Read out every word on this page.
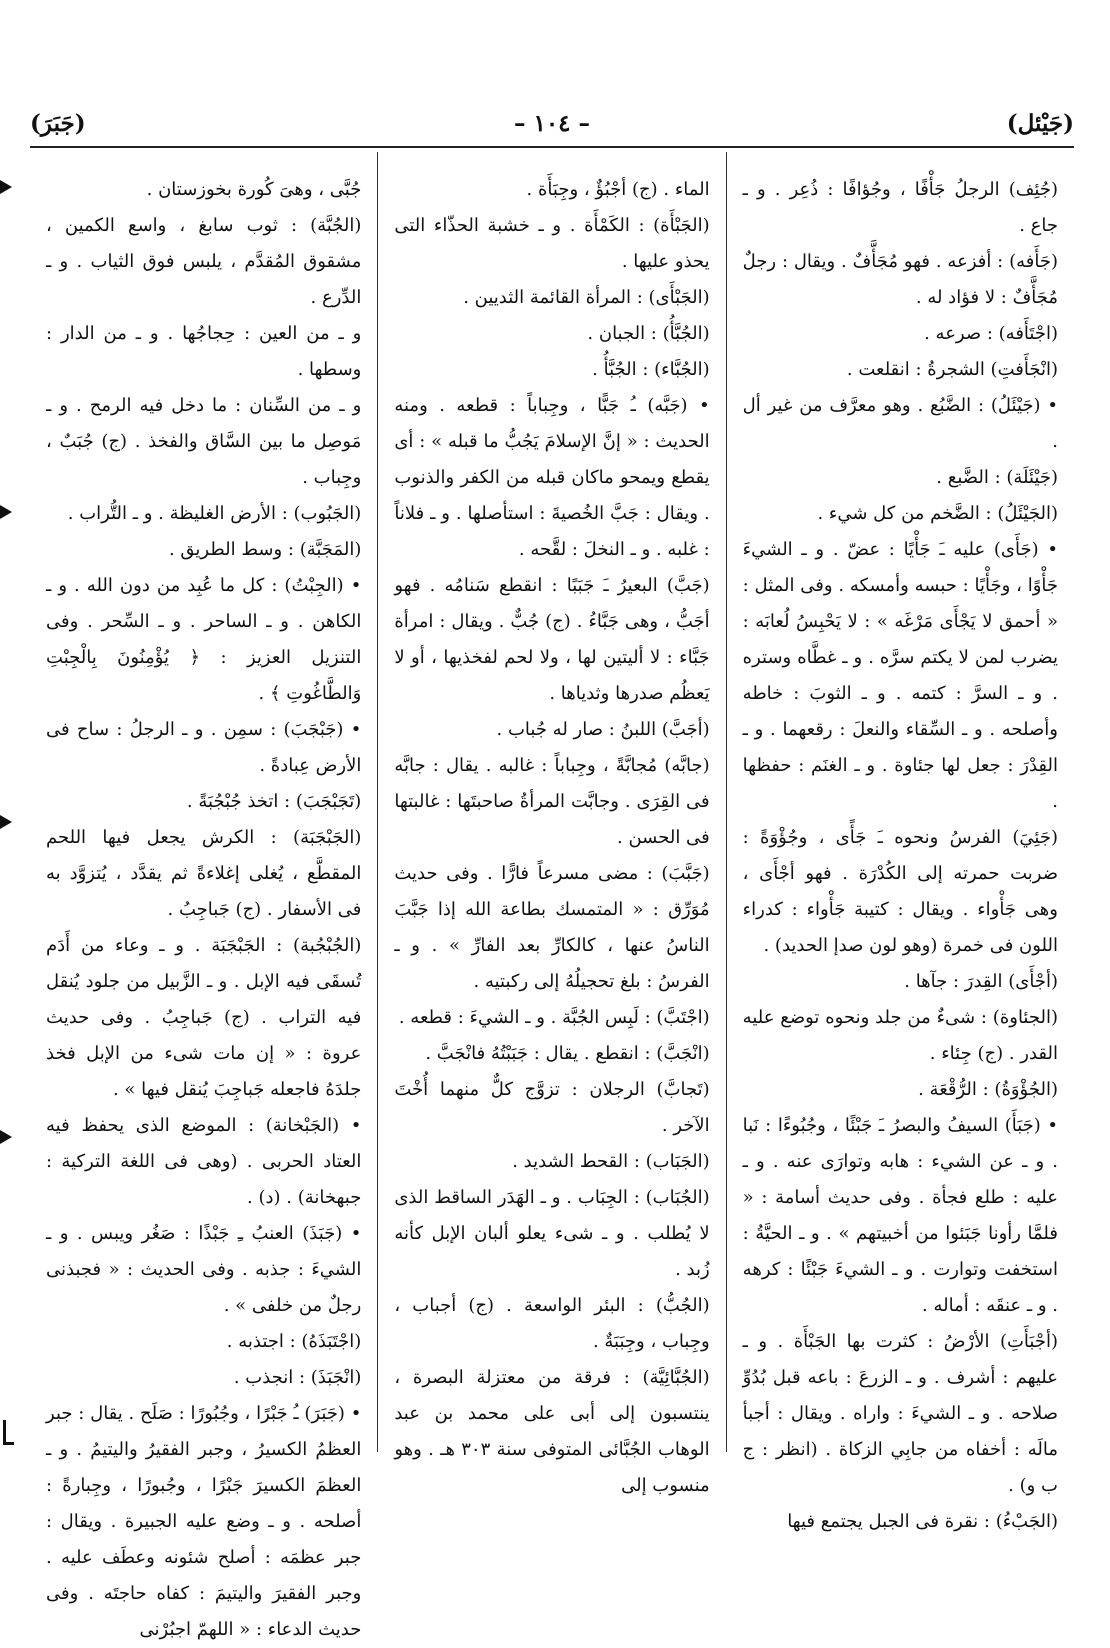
(جَيْئل)
– ١٠٤ –
(جَبَرَ)

(جُئِف) الرجلُ جَأْفًا ، وجُؤافًا : ذُعِر . و ـ جاع .
(جَأَفه) : أفزعه . فهو مُجَأَّفٌ . ويقال : رجلٌ مُجَأَّفٌ : لا فؤاد له .
(اجْتَأَفه) : صرعه .
(انْجَأَفتِ) الشجرةُ : انقلعت .
• (جَيْئَلُ) : الضَّبُع . وهو معرَّف من غير أل .
(جَيْئَلَة) : الضَّبع .
(الجَيْئَلُ) : الضَّخم من كل شيء .
• (جَأَى) عليه ـَ جَأْيًا : عضّ . و ـ الشيءَ جَأْوًا ، وجَأْيًا : حبسه وأمسكه . وفى المثل : « أحمق لا يَجْأَى مَرْغَه » : لا يَحْبِسُ لُعابَه : يضرب لمن لا يكتم سرَّه . و ـ غطَّاه وستره . و ـ السرَّ : كتمه . و ـ الثوبَ : خاطه وأصلحه . و ـ السِّقاء والنعلَ : رقعهما . و ـ القِدْرَ : جعل لها جئاوة . و ـ الغنَم : حفظها .
(جَئِيَ) الفرسُ ونحوه ـَ جَأًى ، وجُؤْوَةً : ضربت حمرته إلى الكُدْرَة . فهو أجْأَى ، وهى جَأْواء . ويقال : كتيبة جَأْواء : كدراء اللون فى خمرة (وهو لون صدإ الحديد) .
(أجْأَى) القِدرَ : جآها .
(الجئاوة) : شىءٌ من جلد ونحوه توضع عليه القدر . (ج) جِئاء .
(الجُؤْوَةُ) : الرُّقْعَة .
• (جَبَأَ) السيفُ والبصرُ ـَ جَبْئًا ، وجُبُوءًا : نَبا . و ـ عن الشيء : هابه وتوارَى عنه . و ـ عليه : طلع فجأة . وفى حديث أسامة : « فلمَّا رأونا جَبَئوا من أخبيتهم » . و ـ الحيَّةُ : استخفت وتوارت . و ـ الشيءَ جَبْئًا : كرهه . و ـ عنقَه : أماله .
(أجْبَأَتِ) الأرْضُ : كثرت بها الجَبْأَة . و ـ عليهم : أشرف . و ـ الزرعَ : باعه قبل بُدُوِّ صلاحه . و ـ الشيءَ : واراه . ويقال : أجبأ مالَه : أخفاه من جابِي الزكاة . (انظر : ج ب و) .
(الجَبْءُ) : نقرة فى الجبل يجتمع فيها

الماء . (ج) أجْبُؤٌ ، وجِبَأَة .
(الجَبْأَة) : الكَمْأَة . و ـ خشبة الحذّاء التى يحذو عليها .
(الجَبْأَى) : المرأة القائمة الثديين .
(الجُبَّأُ) : الجبان .
(الجُبَّاء) : الجُبَّأُ .
• (جَبَّه) ـُ جَبًّا ، وجِباباً : قطعه . ومنه الحديث : « إنَّ الإسلامَ يَجُبُّ ما قبله » : أى يقطع ويمحو ماكان قبله من الكفر والذنوب . ويقال : جَبَّ الخُصيةَ : استأصلها . و ـ فلاناً : غلبه . و ـ النخلَ : لقَّحه .
(جَبَّ) البعيرُ ـَ جَبَبًا : انقطع سَنامُه . فهو أجَبُّ ، وهى جَبَّاءُ . (ج) جُبٌّ . ويقال : امرأة جَبَّاء : لا أليتين لها ، ولا لحم لفخذيها ، أو لا يَعظُم صدرها وثدياها .
(أجَبَّ) اللبنُ : صار له جُباب .
(جابَّه) مُجابَّةً ، وجِباباً : غالبه . يقال : جابَّه فى القِرَى . وجابَّت المرأةُ صاحبتَها : غالبتها فى الحسن .
(جَبَّبَ) : مضى مسرعاً فارًّا . وفى حديث مُوَرِّق : « المتمسك بطاعة الله إذا جَبَّبَ الناسُ عنها ، كالكارِّ بعد الفارِّ » . و ـ الفرسُ : بلغ تحجيلُهُ إلى ركبتيه .
(اجْتَبَّ) : لَبِس الجُبَّة . و ـ الشيءَ : قطعه .
(انْجَبَّ) : انقطع . يقال : جَبَبْتُهُ فانْجَبَّ .
(تَجابَّ) الرجلان : تزوَّج كلٌّ منهما أُخْتَ الآخر .
(الجَبَاب) : القحط الشديد .
(الجُبَاب) : الجِبَاب . و ـ الهَدَر الساقط الذى لا يُطلب . و ـ شىء يعلو ألبان الإبل كأنه زُبد .
(الجُبُّ) : البئر الواسعة . (ج) أجباب ، وجِباب ، وجِبَبَةٌ .
(الجُبَّائِيَّة) : فرقة من معتزلة البصرة ، ينتسبون إلى أبى على محمد بن عبد الوهاب الجُبَّائى المتوفى سنة ٣٠٣ هـ . وهو منسوب إلى

جُبَّى ، وهىَ كُورة بخوزستان .
(الجُبَّة) : ثوب سابغ ، واسع الكمين ، مشقوق المُقدَّم ، يلبس فوق الثياب . و ـ الدِّرع .
و ـ من العين : حِجاجُها . و ـ من الدار : وسطها .
و ـ من السِّنان : ما دخل فيه الرمح . و ـ مَوصِل ما بين السَّاق والفخذ . (ج) جُبَبٌ ، وجِباب .
(الجَبُوب) : الأرض الغليظة . و ـ التُّراب .
(المَجَبَّة) : وسط الطريق .
• (الجِبْتُ) : كل ما عُبِد من دون الله . و ـ الكاهن . و ـ الساحر . و ـ السِّحر . وفى التنزيل العزيز : ﴿ يُؤْمِنُونَ بِالْجِبْتِ وَالطَّاغُوتِ ﴾ .
• (جَبْجَبَ) : سمِن . و ـ الرجلُ : ساح فى الأرض عِبادةً .
(تَجَبْجَبَ) : اتخذ جُبْجُبَةً .
(الجَبْجَبَة) : الكرش يجعل فيها اللحم المقطَّع ، يُغلى إغلاءةً ثم يقدَّد ، يُتزوَّد به فى الأسفار . (ج) جَباجِبُ .
(الجُبْجُبة) : الجَبْجَبَة . و ـ وعاء من أَدَم تُسقَى فيه الإبل . و ـ الزَّبيل من جلود يُنقل فيه التراب . (ج) جَباجِبُ . وفى حديث عروة : « إن مات شىء من الإبل فخذ جلدَهُ فاجعله جَباجِبَ يُنقل فيها » .
• (الجَبْخانة) : الموضع الذى يحفظ فيه العتاد الحربى . (وهى فى اللغة التركية : جبهخانة) . (د) .
• (جَبَذَ) العنبُ ـِ جَبْذًا : صَغُر ويبس . و ـ الشيءَ : جذبه . وفى الحديث : « فجبذنى رجلٌ من خلفى » .
(اجْتَبَذَهُ) : اجتذبه .
(انْجَبَذَ) : انجذب .
• (جَبَرَ) ـُ جَبْرًا ، وجُبُورًا : صَلَح . يقال : جبر العظمُ الكسيرُ ، وجبر الفقيرُ واليتيمُ . و ـ العظمَ الكسيرَ جَبْرًا ، وجُبورًا ، وجِبارةً : أصلحه . و ـ وضع عليه الجبيرة . ويقال : جبر عظمَه : أصلح شئونه وعطَف عليه . وجبر الفقيرَ واليتيمَ : كفاه حاجتَه . وفى حديث الدعاء : « اللهمّ اجبُرْنى
